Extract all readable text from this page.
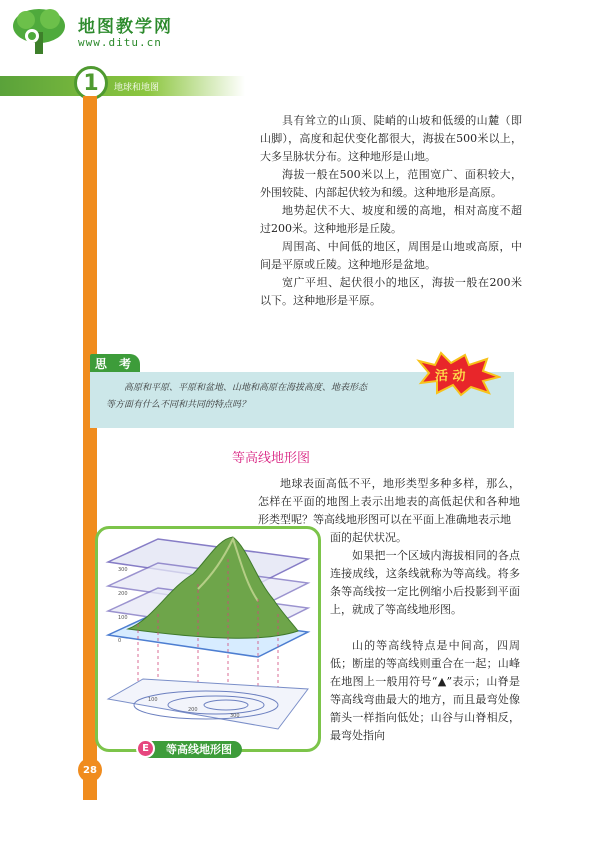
地图教学网
www.ditu.cn
1	地球和地图

具有耸立的山顶、陡峭的山坡和低缓的山麓（即山脚），高度和起伏变化都很大，海拔在500米以上，大多呈脉状分布。这种地形是山地。

海拔一般在500米以上，范围宽广、面积较大，外围较陡、内部起伏较为和缓。这种地形是高原。

地势起伏不大、坡度和缓的高地，相对高度不超过200米。这种地形是丘陵。

周围高、中间低的地区，周围是山地或高原，中间是平原或丘陵。这种地形是盆地。

宽广平坦、起伏很小的地区，海拔一般在200米以下。这种地形是平原。

思 考

高原和平原、平原和盆地、山地和高原在海拔高度、地表形态等方面有什么不同和共同的特点吗？

活 动
等高线地形图

地球表面高低不平，地形类型多种多样，那么，怎样在平面的地图上表示出地表的高低起伏和各种地形类型呢？等高线地形图可以在平面上准确地表示地

面的起伏状况。

如果把一个区域内海拔相同的各点连接成线，这条线就称为等高线。将多条等高线按一定比例缩小后投影到平面上，就成了等高线地形图。

山的等高线特点是中间高，四周低；断崖的等高线则重合在一起；山峰在地图上一般用符号“▲”表示；山脊是等高线弯曲最大的地方，而且最弯处像箭头一样指向低处；山谷与山脊相反，最弯处指向

300
200
100
0
100
200
300
等高线地形图
E
28
